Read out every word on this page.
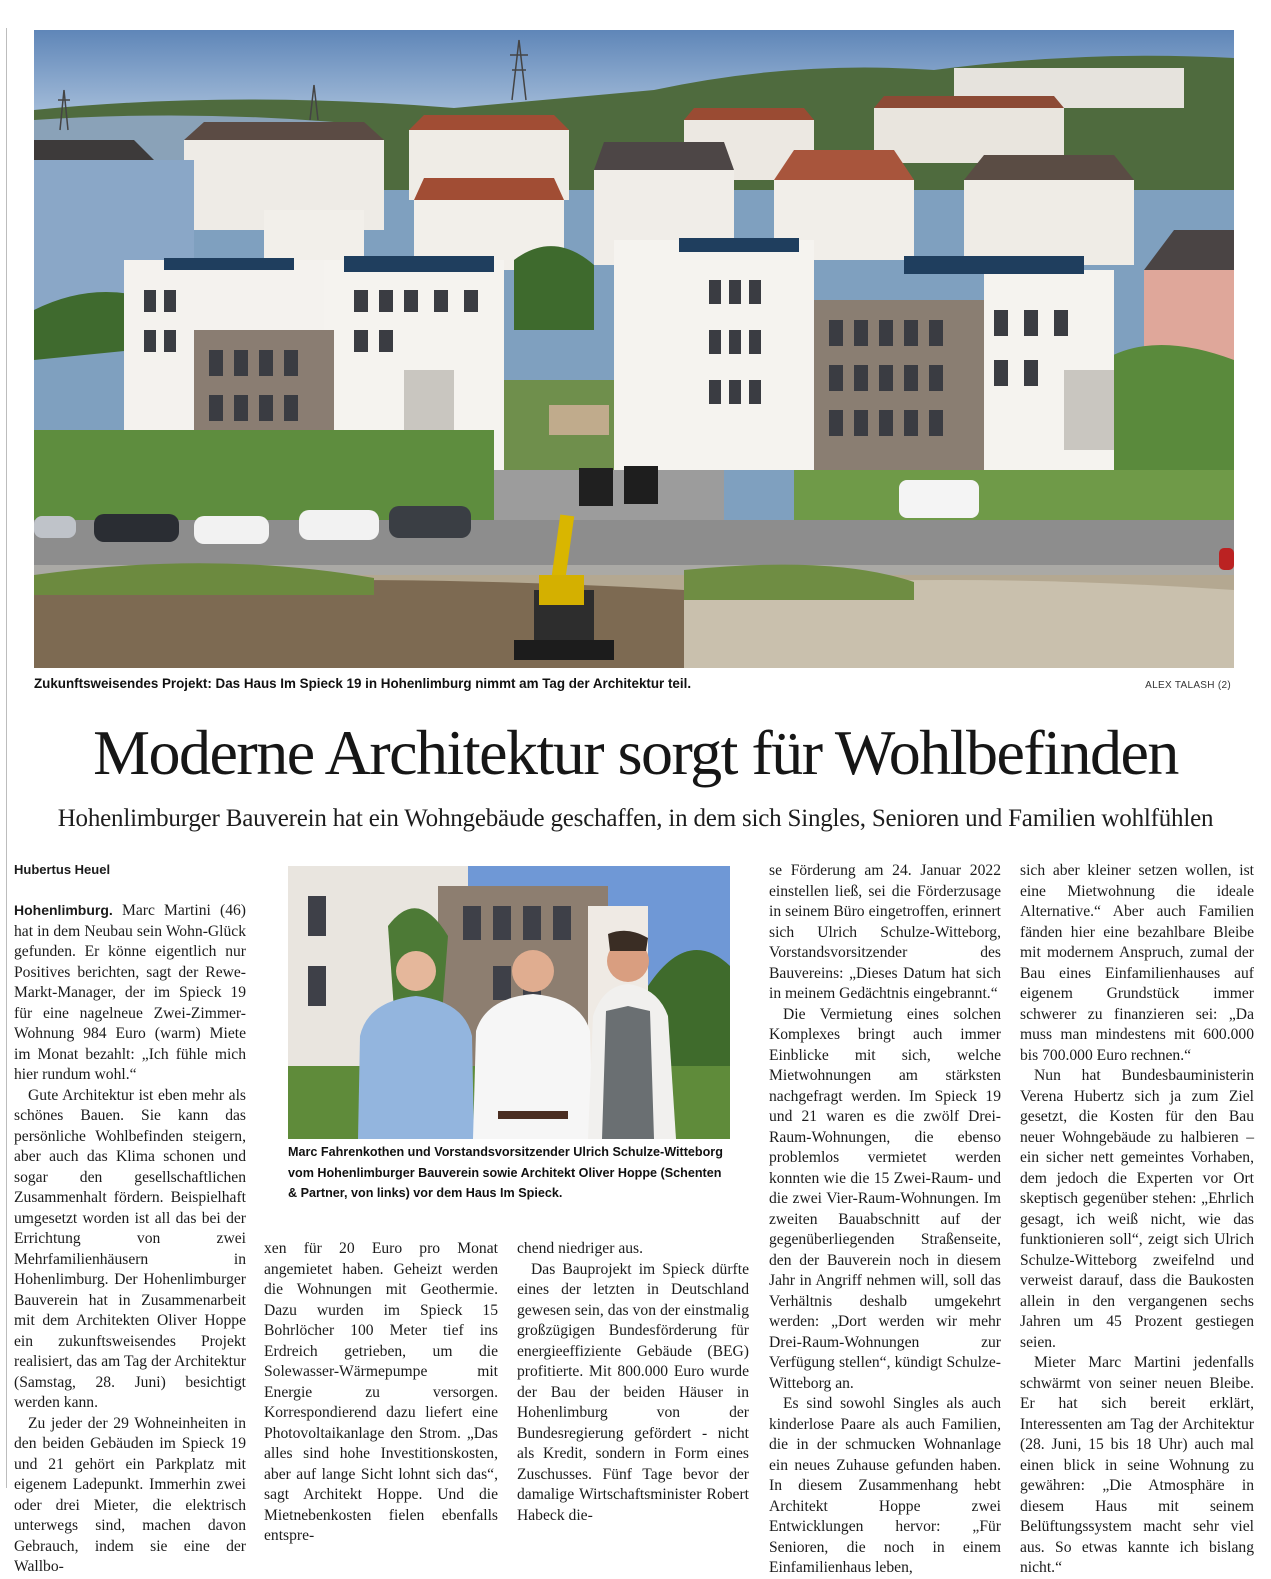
Zukunftsweisendes Projekt: Das Haus Im Spieck 19 in Hohenlimburg nimmt am Tag der Architektur teil.	ALEX TALASH (2)
Moderne Architektur sorgt für Wohlbefinden
Hohenlimburger Bauverein hat ein Wohngebäude geschaffen, in dem sich Singles, Senioren und Familien wohlfühlen
Hubertus Heuel

Hohenlimburg. Marc Martini (46) hat in dem Neubau sein Wohn-Glück gefunden. Er könne eigentlich nur Positives berichten, sagt der Rewe-Markt-Manager, der im Spieck 19 für eine nagelneue Zwei-Zimmer-Wohnung 984 Euro (warm) Miete im Monat bezahlt: „Ich fühle mich hier rundum wohl.“

Gute Architektur ist eben mehr als schönes Bauen. Sie kann das persönliche Wohlbefinden steigern, aber auch das Klima schonen und sogar den gesellschaftlichen Zusammenhalt fördern. Beispielhaft umgesetzt worden ist all das bei der Errichtung von zwei Mehrfamilienhäusern in Hohenlimburg. Der Hohenlimburger Bauverein hat in Zusammenarbeit mit dem Architekten Oliver Hoppe ein zukunftsweisendes Projekt realisiert, das am Tag der Architektur (Samstag, 28. Juni) besichtigt werden kann.

Zu jeder der 29 Wohneinheiten in den beiden Gebäuden im Spieck 19 und 21 gehört ein Parkplatz mit eigenem Ladepunkt. Immerhin zwei oder drei Mieter, die elektrisch unterwegs sind, machen davon Gebrauch, indem sie eine der Wallbo-

Marc Fahrenkothen und Vorstandsvorsitzender Ulrich Schulze-Witteborg vom Hohenlimburger Bauverein sowie Architekt Oliver Hoppe (Schenten & Partner, von links) vor dem Haus Im Spieck.

xen für 20 Euro pro Monat angemietet haben. Geheizt werden die Wohnungen mit Geothermie. Dazu wurden im Spieck 15 Bohrlöcher 100 Meter tief ins Erdreich getrieben, um die Solewasser-Wärmepumpe mit Energie zu versorgen. Korrespondierend dazu liefert eine Photovoltaikanlage den Strom. „Das alles sind hohe Investitionskosten, aber auf lange Sicht lohnt sich das“, sagt Architekt Hoppe. Und die Mietnebenkosten fielen ebenfalls entspre-

chend niedriger aus.

Das Bauprojekt im Spieck dürfte eines der letzten in Deutschland gewesen sein, das von der einstmalig großzügigen Bundesförderung für energieeffiziente Gebäude (BEG) profitierte. Mit 800.000 Euro wurde der Bau der beiden Häuser in Hohenlimburg von der Bundesregierung gefördert - nicht als Kredit, sondern in Form eines Zuschusses. Fünf Tage bevor der damalige Wirtschaftsminister Robert Habeck die-

se Förderung am 24. Januar 2022 einstellen ließ, sei die Förderzusage in seinem Büro eingetroffen, erinnert sich Ulrich Schulze-Witteborg, Vorstandsvorsitzender des Bauvereins: „Dieses Datum hat sich in meinem Gedächtnis eingebrannt.“

Die Vermietung eines solchen Komplexes bringt auch immer Einblicke mit sich, welche Mietwohnungen am stärksten nachgefragt werden. Im Spieck 19 und 21 waren es die zwölf Drei-Raum-Wohnungen, die ebenso problemlos vermietet werden konnten wie die 15 Zwei-Raum- und die zwei Vier-Raum-Wohnungen. Im zweiten Bauabschnitt auf der gegenüberliegenden Straßenseite, den der Bauverein noch in diesem Jahr in Angriff nehmen will, soll das Verhältnis deshalb umgekehrt werden: „Dort werden wir mehr Drei-Raum-Wohnungen zur Verfügung stellen“, kündigt Schulze-Witteborg an.

Es sind sowohl Singles als auch kinderlose Paare als auch Familien, die in der schmucken Wohnanlage ein neues Zuhause gefunden haben. In diesem Zusammenhang hebt Architekt Hoppe zwei Entwicklungen hervor: „Für Senioren, die noch in einem Einfamilienhaus leben,

sich aber kleiner setzen wollen, ist eine Mietwohnung die ideale Alternative.“ Aber auch Familien fänden hier eine bezahlbare Bleibe mit modernem Anspruch, zumal der Bau eines Einfamilienhauses auf eigenem Grundstück immer schwerer zu finanzieren sei: „Da muss man mindestens mit 600.000 bis 700.000 Euro rechnen.“

Nun hat Bundesbauministerin Verena Hubertz sich ja zum Ziel gesetzt, die Kosten für den Bau neuer Wohngebäude zu halbieren – ein sicher nett gemeintes Vorhaben, dem jedoch die Experten vor Ort skeptisch gegenüber stehen: „Ehrlich gesagt, ich weiß nicht, wie das funktionieren soll“, zeigt sich Ulrich Schulze-Witteborg zweifelnd und verweist darauf, dass die Baukosten allein in den vergangenen sechs Jahren um 45 Prozent gestiegen seien.

Mieter Marc Martini jedenfalls schwärmt von seiner neuen Bleibe. Er hat sich bereit erklärt, Interessenten am Tag der Architektur (28. Juni, 15 bis 18 Uhr) auch mal einen blick in seine Wohnung zu gewähren: „Die Atmosphäre in diesem Haus mit seinem Belüftungssystem macht sehr viel aus. So etwas kannte ich bislang nicht.“
